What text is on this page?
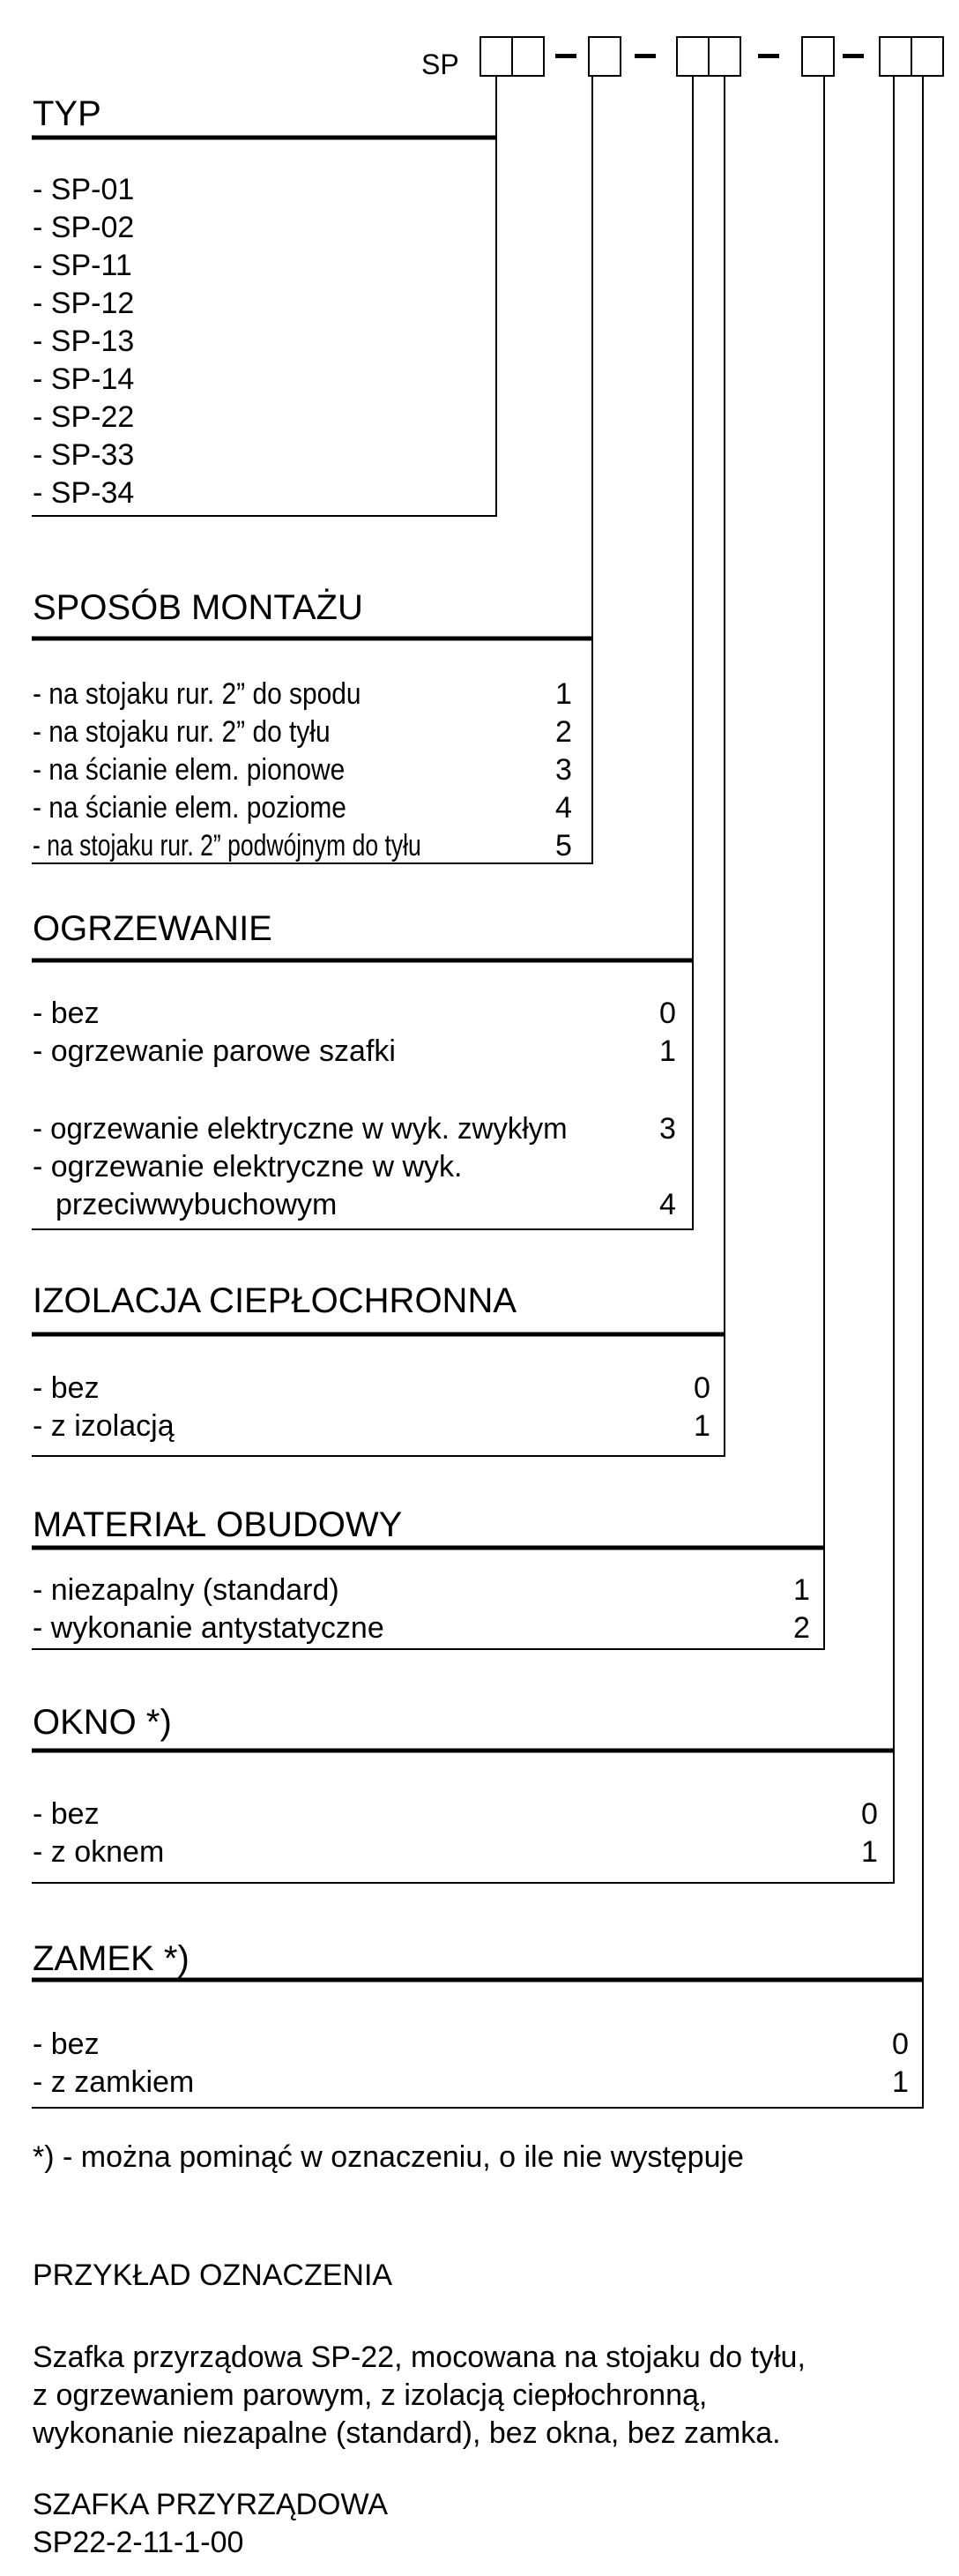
SP
TYP
- SP-01
- SP-02
- SP-11
- SP-12
- SP-13
- SP-14
- SP-22
- SP-33
- SP-34
SPOSÓB MONTAŻU
- na stojaku rur. 2” do spodu	1
- na stojaku rur. 2” do tyłu	2
- na ścianie elem. pionowe	3
- na ścianie elem. poziome	4
- na stojaku rur. 2” podwójnym do tyłu	5
OGRZEWANIE
- bez	0
- ogrzewanie parowe szafki	1
- ogrzewanie elektryczne w wyk. zwykłym	3
- ogrzewanie elektryczne w wyk.
przeciwwybuchowym	4
IZOLACJA CIEPŁOCHRONNA
- bez	0
- z izolacją	1
MATERIAŁ OBUDOWY
- niezapalny (standard)	1
- wykonanie antystatyczne	2
OKNO *)
- bez	0
- z oknem	1
ZAMEK *)
- bez	0
- z zamkiem	1
*) - można pominąć w oznaczeniu, o ile nie występuje
PRZYKŁAD OZNACZENIA
Szafka przyrządowa SP-22, mocowana na stojaku do tyłu,
z ogrzewaniem parowym, z izolacją ciepłochronną,
wykonanie niezapalne (standard), bez okna, bez zamka.
SZAFKA PRZYRZĄDOWA
SP22-2-11-1-00
